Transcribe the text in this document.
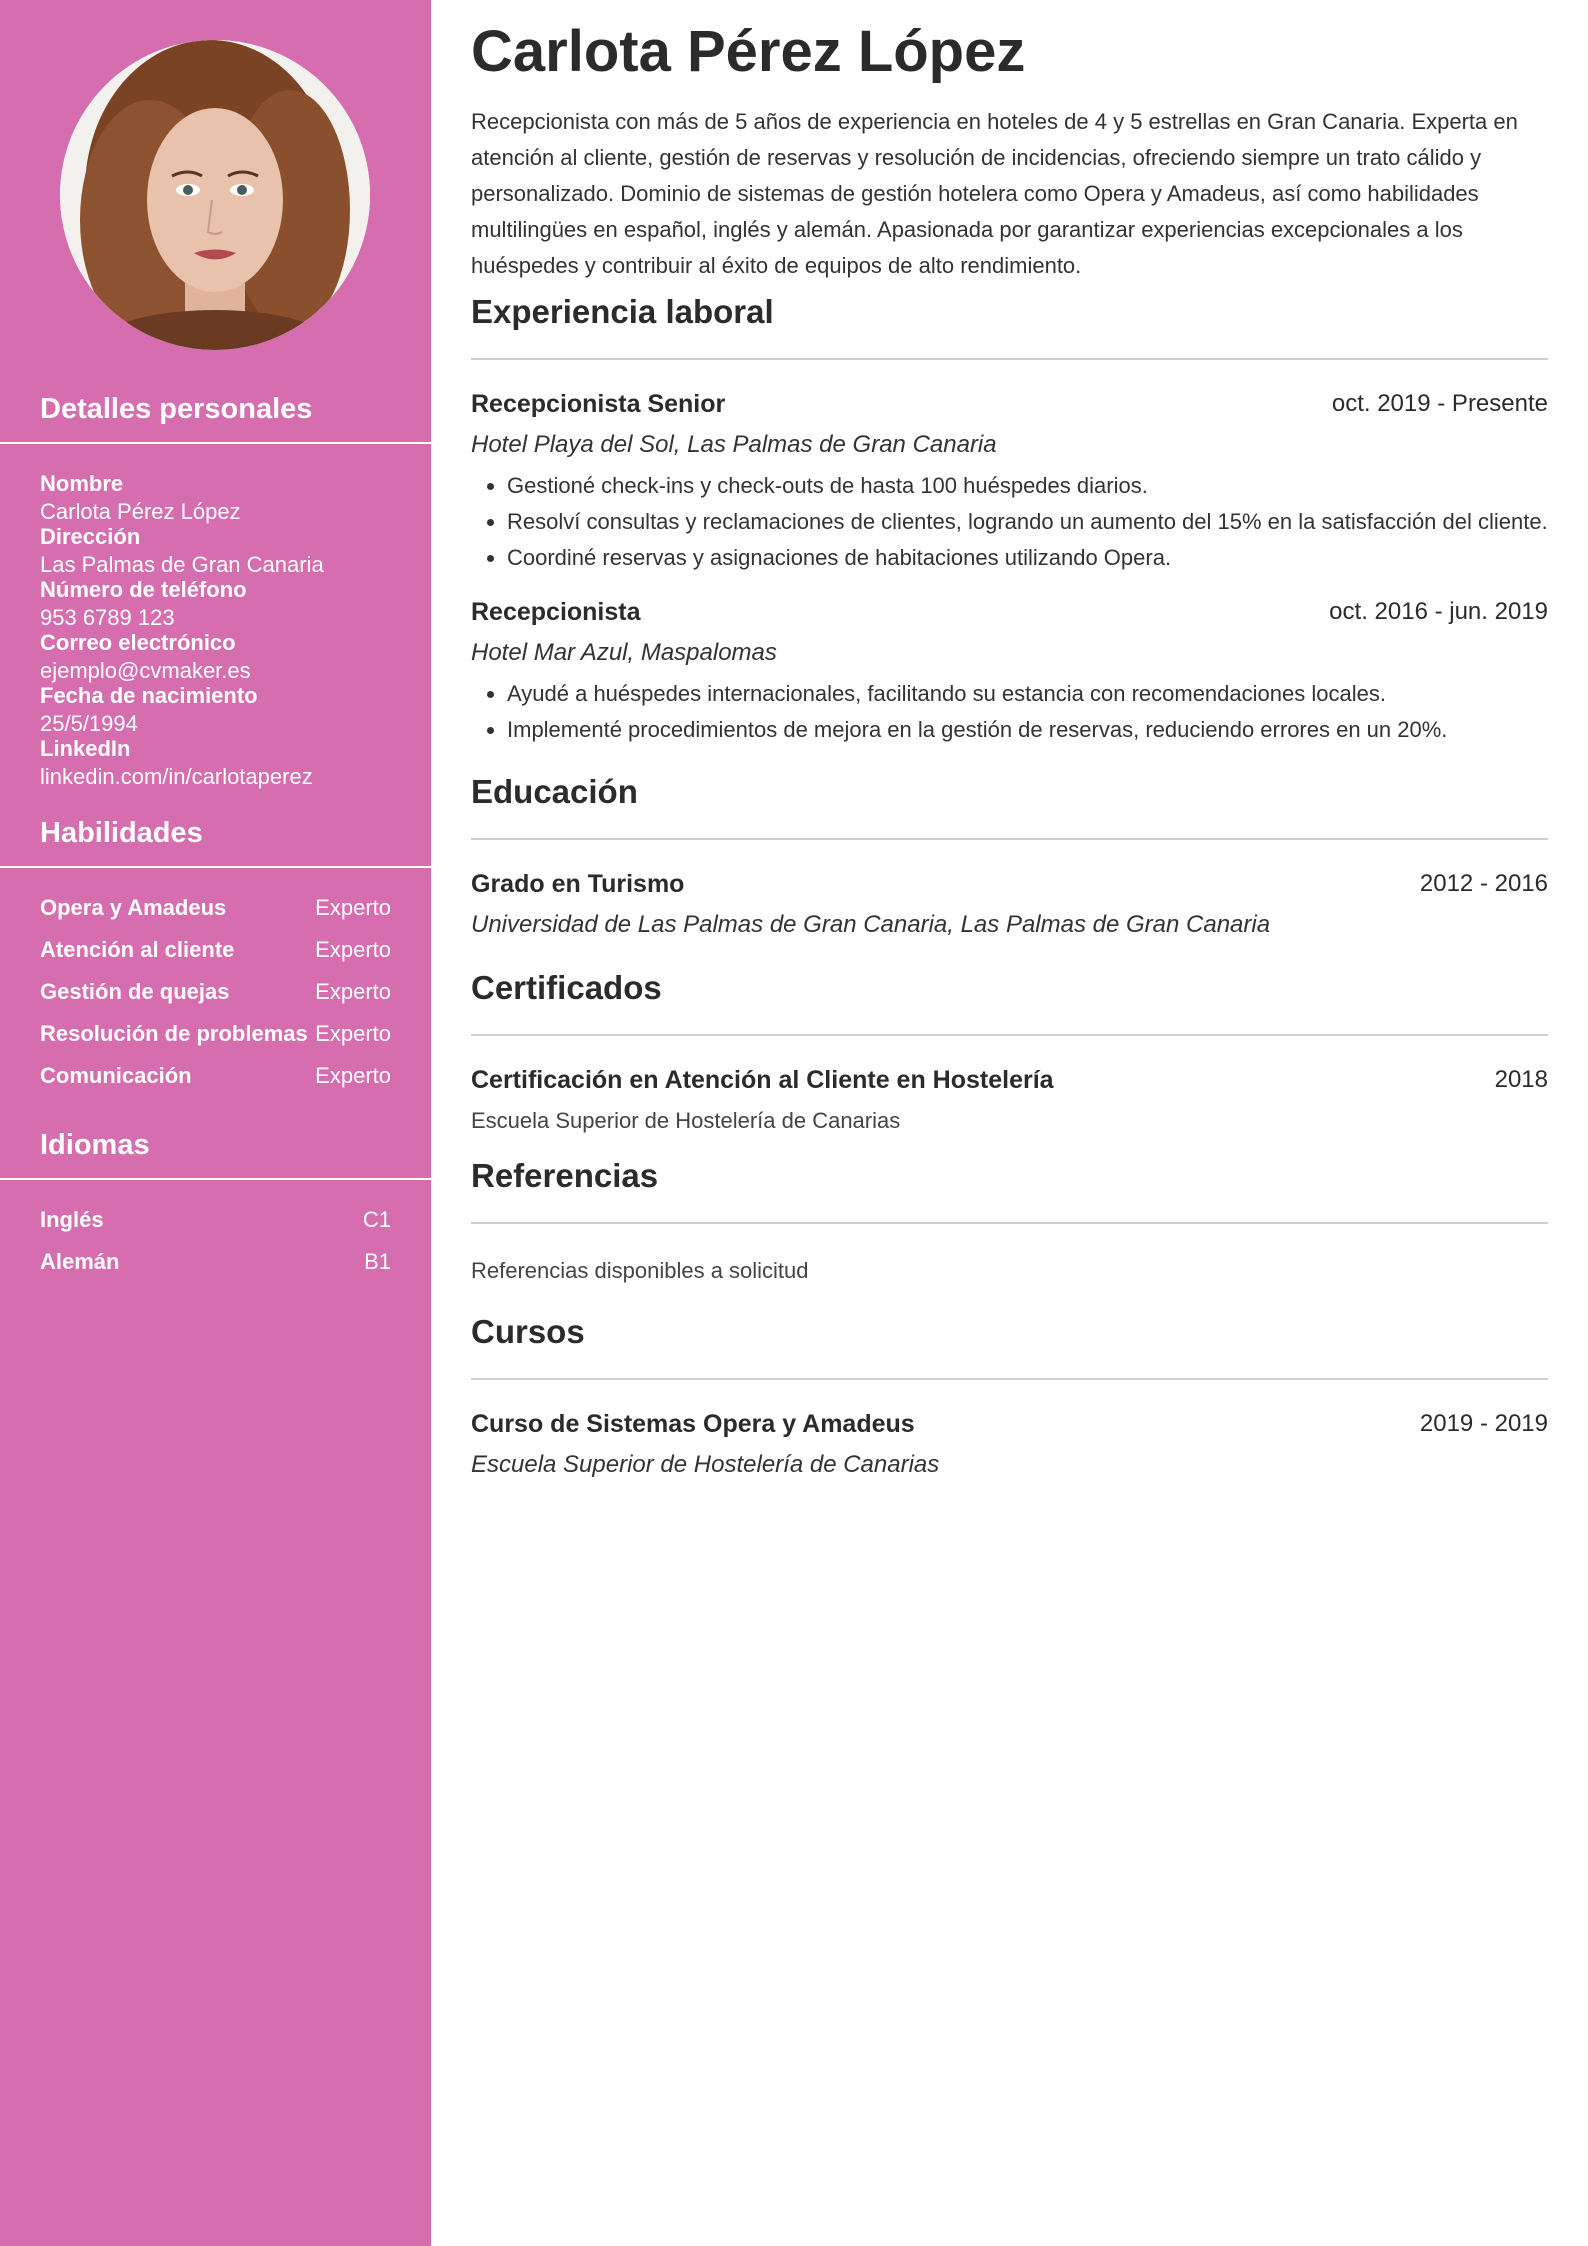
Detalles personales
Nombre
Carlota Pérez López
Dirección
Las Palmas de Gran Canaria
Número de teléfono
953 6789 123
Correo electrónico
ejemplo@cvmaker.es
Fecha de nacimiento
25/5/1994
LinkedIn
linkedin.com/in/carlotaperez
Habilidades
Opera y Amadeus	Experto
Atención al cliente	Experto
Gestión de quejas	Experto
Resolución de problemas Experto
Comunicación	Experto
Idiomas
Inglés	C1
Alemán	B1
Carlota Pérez López

Recepcionista con más de 5 años de experiencia en hoteles de 4 y 5 estrellas en Gran Canaria. Experta en atención al cliente, gestión de reservas y resolución de incidencias, ofreciendo siempre un trato cálido y personalizado. Dominio de sistemas de gestión hotelera como Opera y Amadeus, así como habilidades multilingües en español, inglés y alemán. Apasionada por garantizar experiencias excepcionales a los huéspedes y contribuir al éxito de equipos de alto rendimiento.

Experiencia laboral
Recepcionista Senior	oct. 2019 - Presente
Hotel Playa del Sol, Las Palmas de Gran Canaria
• Gestioné check-ins y check-outs de hasta 100 huéspedes diarios.
• Resolví consultas y reclamaciones de clientes, logrando un aumento del 15% en la satisfacción del cliente.
• Coordiné reservas y asignaciones de habitaciones utilizando Opera.
Recepcionista	oct. 2016 - jun. 2019
Hotel Mar Azul, Maspalomas
• Ayudé a huéspedes internacionales, facilitando su estancia con recomendaciones locales.
• Implementé procedimientos de mejora en la gestión de reservas, reduciendo errores en un 20%.
Educación
Grado en Turismo	2012 - 2016
Universidad de Las Palmas de Gran Canaria, Las Palmas de Gran Canaria
Certificados
Certificación en Atención al Cliente en Hostelería	2018
Escuela Superior de Hostelería de Canarias
Referencias
Referencias disponibles a solicitud
Cursos
Curso de Sistemas Opera y Amadeus	2019 - 2019
Escuela Superior de Hostelería de Canarias
